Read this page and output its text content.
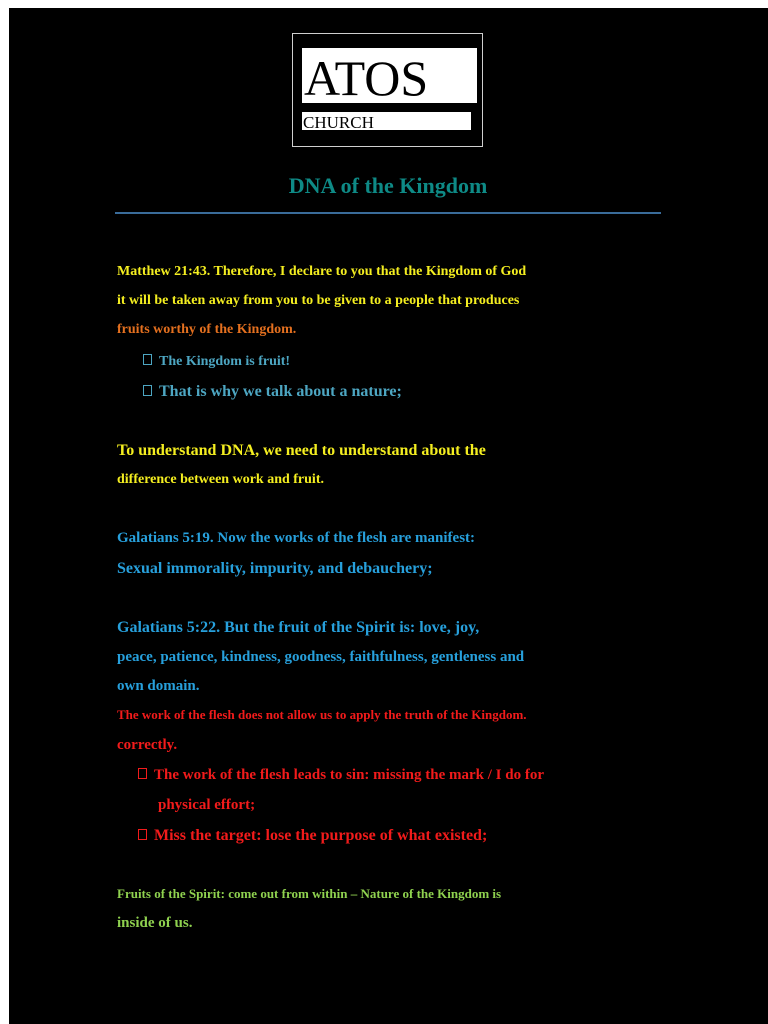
ATOS
CHURCH
DNA of the Kingdom
Matthew 21:43. Therefore, I declare to you that the Kingdom of God
it will be taken away from you to be given to a people that produces
fruits worthy of the Kingdom.
The Kingdom is fruit!
That is why we talk about a nature;
To understand DNA, we need to understand about the
difference between work and fruit.
Galatians 5:19. Now the works of the flesh are manifest:
Sexual immorality, impurity, and debauchery;
Galatians 5:22. But the fruit of the Spirit is: love, joy,
peace, patience, kindness, goodness, faithfulness, gentleness and
own domain.
The work of the flesh does not allow us to apply the truth of the Kingdom.
correctly.
The work of the flesh leads to sin: missing the mark / I do for
physical effort;
Miss the target: lose the purpose of what existed;
Fruits of the Spirit: come out from within – Nature of the Kingdom is
inside of us.
